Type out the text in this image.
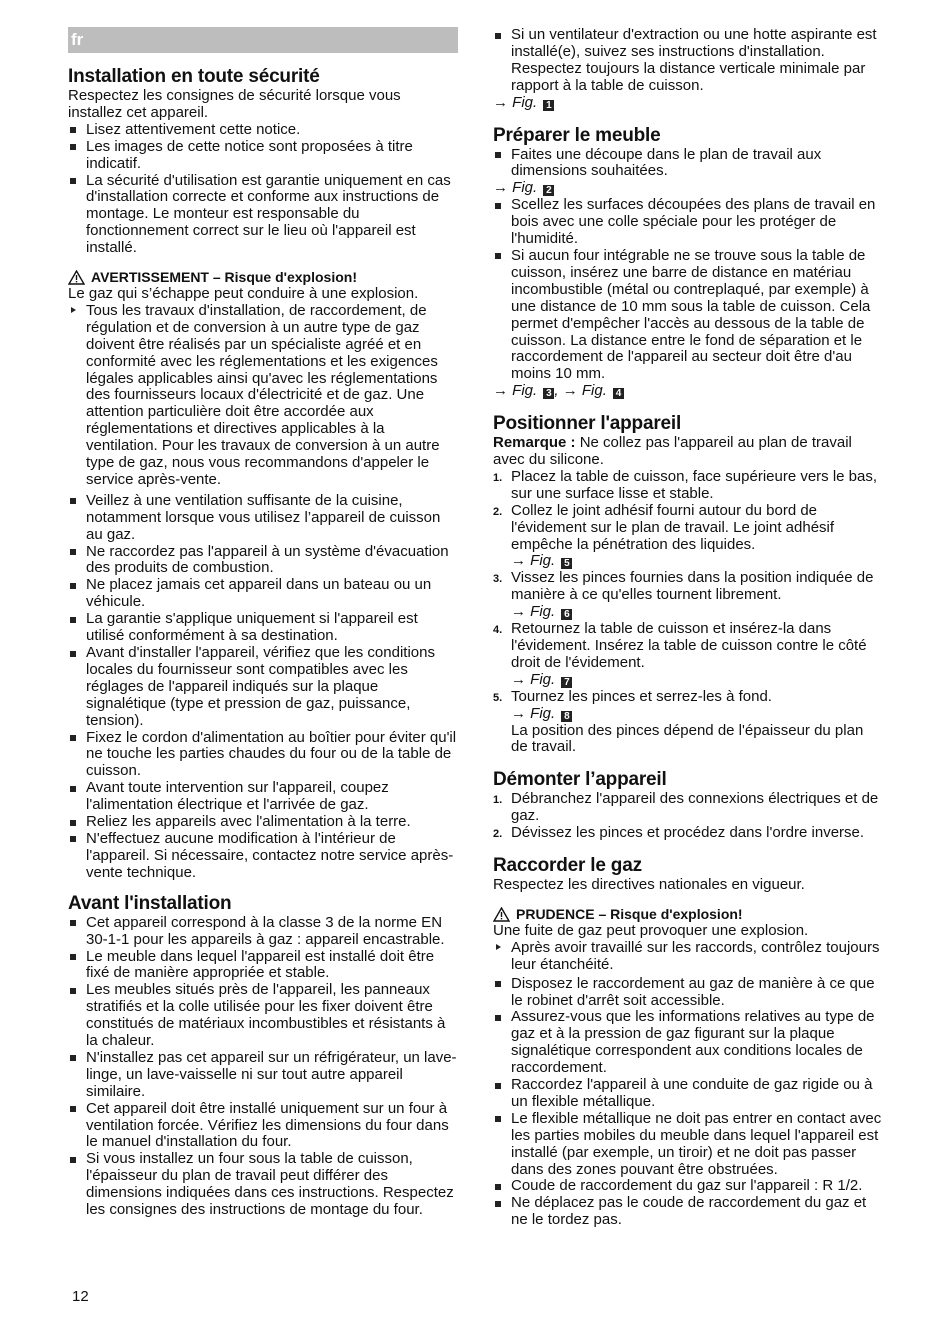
fr
Installation en toute sécurité

Respectez les consignes de sécurité lorsque vous installez cet appareil.

Lisez attentivement cette notice.
Les images de cette notice sont proposées à titre indicatif.
La sécurité d'utilisation est garantie uniquement en cas d'installation correcte et conforme aux instructions de montage. Le monteur est responsable du fonctionnement correct sur le lieu où l'appareil est installé.
AVERTISSEMENT – Risque d'explosion!

Le gaz qui s’échappe peut conduire à une explosion.

Tous les travaux d'installation, de raccordement, de régulation et de conversion à un autre type de gaz doivent être réalisés par un spécialiste agréé et en conformité avec les réglementations et les exigences légales applicables ainsi qu'avec les réglementations des fournisseurs locaux d'électricité et de gaz. Une attention particulière doit être accordée aux réglementations et directives applicables à la ventilation. Pour les travaux de conversion à un autre type de gaz, nous vous recommandons d'appeler le service après-vente.
Veillez à une ventilation suffisante de la cuisine, notamment lorsque vous utilisez l’appareil de cuisson au gaz.
Ne raccordez pas l'appareil à un système d'évacuation des produits de combustion.
Ne placez jamais cet appareil dans un bateau ou un véhicule.
La garantie s'applique uniquement si l'appareil est utilisé conformément à sa destination.
Avant d'installer l'appareil, vérifiez que les conditions locales du fournisseur sont compatibles avec les réglages de l'appareil indiqués sur la plaque signalétique (type et pression de gaz, puissance, tension).
Fixez le cordon d'alimentation au boîtier pour éviter qu'il ne touche les parties chaudes du four ou de la table de cuisson.
Avant toute intervention sur l'appareil, coupez l'alimentation électrique et l'arrivée de gaz.
Reliez les appareils avec l'alimentation à la terre.
N'effectuez aucune modification à l'intérieur de l'appareil. Si nécessaire, contactez notre service après-vente technique.
Avant l'installation
Cet appareil correspond à la classe 3 de la norme EN 30-1-1 pour les appareils à gaz : appareil encastrable.
Le meuble dans lequel l'appareil est installé doit être fixé de manière appropriée et stable.
Les meubles situés près de l'appareil, les panneaux stratifiés et la colle utilisée pour les fixer doivent être constitués de matériaux incombustibles et résistants à la chaleur.
N'installez pas cet appareil sur un réfrigérateur, un lave-linge, un lave-vaisselle ni sur tout autre appareil similaire.
Cet appareil doit être installé uniquement sur un four à ventilation forcée. Vérifiez les dimensions du four dans le manuel d'installation du four.
Si vous installez un four sous la table de cuisson, l'épaisseur du plan de travail peut différer des dimensions indiquées dans ces instructions. Respectez les consignes des instructions de montage du four.
Si un ventilateur d'extraction ou une hotte aspirante est installé(e), suivez ses instructions d'installation. Respectez toujours la distance verticale minimale par rapport à la table de cuisson.

→ Fig. 1

Préparer le meuble
Faites une découpe dans le plan de travail aux dimensions souhaitées.

→ Fig. 2

Scellez les surfaces découpées des plans de travail en bois avec une colle spéciale pour les protéger de l'humidité.
Si aucun four intégrable ne se trouve sous la table de cuisson, insérez une barre de distance en matériau incombustible (métal ou contreplaqué, par exemple) à une distance de 10 mm sous la table de cuisson. Cela permet d'empêcher l'accès au dessous de la table de cuisson. La distance entre le fond de séparation et le raccordement de l'appareil au secteur doit être d'au moins 10 mm.

→ Fig. 3 , → Fig. 4

Positionner l'appareil

Remarque : Ne collez pas l'appareil au plan de travail avec du silicone.

1. Placez la table de cuisson, face supérieure vers le bas, sur une surface lisse et stable.
2. Collez le joint adhésif fourni autour du bord de l'évidement sur le plan de travail. Le joint adhésif empêche la pénétration des liquides.
→ Fig. 5
3. Vissez les pinces fournies dans la position indiquée de manière à ce qu'elles tournent librement.
→ Fig. 6
4. Retournez la table de cuisson et insérez-la dans l'évidement. Insérez la table de cuisson contre le côté droit de l'évidement.
→ Fig. 7
5. Tournez les pinces et serrez-les à fond.
→ Fig. 8
La position des pinces dépend de l'épaisseur du plan de travail.
Démonter l’appareil
1. Débranchez l'appareil des connexions électriques et de gaz.
2. Dévissez les pinces et procédez dans l'ordre inverse.
Raccorder le gaz

Respectez les directives nationales en vigueur.

PRUDENCE – Risque d'explosion!

Une fuite de gaz peut provoquer une explosion.

Après avoir travaillé sur les raccords, contrôlez toujours leur étanchéité.
Disposez le raccordement au gaz de manière à ce que le robinet d'arrêt soit accessible.
Assurez-vous que les informations relatives au type de gaz et à la pression de gaz figurant sur la plaque signalétique correspondent aux conditions locales de raccordement.
Raccordez l'appareil à une conduite de gaz rigide ou à un flexible métallique.
Le flexible métallique ne doit pas entrer en contact avec les parties mobiles du meuble dans lequel l'appareil est installé (par exemple, un tiroir) et ne doit pas passer dans des zones pouvant être obstruées.
Coude de raccordement du gaz sur l'appareil : R 1/2.
Ne déplacez pas le coude de raccordement du gaz et ne le tordez pas.
12
